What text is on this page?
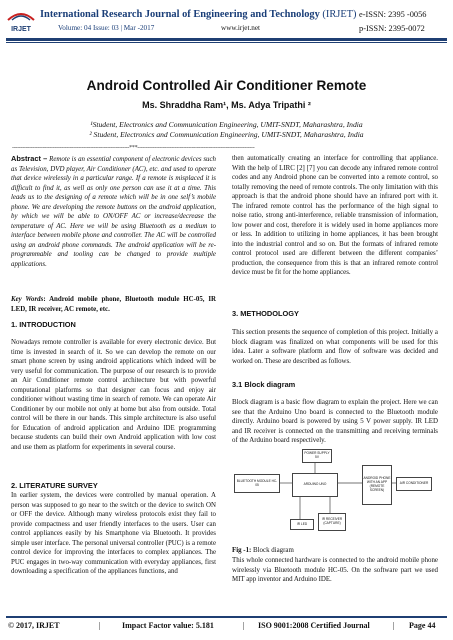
IRJET
International Research Journal of Engineering and Technology (IRJET) e-ISSN: 2395 -0056
Volume: 04 Issue: 03 | Mar -2017	www.irjet.net	p-ISSN: 2395-0072
Android Controlled Air Conditioner Remote
Ms. Shraddha Ram¹, Ms. Adya Tripathi ²
¹Student, Electronics and Communication Engineering, UMIT-SNDT, Maharashtra, India
² Student, Electronics and Communication Engineering, UMIT-SNDT, Maharashtra, India
---------------------------------------------------------------------***---------------------------------------------------------------------
Abstract – Remote is an essential component of electronic devices such as Television, DVD player, Air Conditioner (AC), etc. and used to operate that device wirelessly in a particular range. If a remote is misplaced it is difficult to find it, as well as only one person can use it at a time. This leads us to the designing of a remote which will be in one self’s mobile phone. We are developing the remote buttons on the android application, by which we will be able to ON/OFF AC or increase/decrease the temperature of AC. Here we will be using Bluetooth as a medium to interface between mobile phone and controller. The AC will be controlled using an android phone commands. The android application will be re-programmable and tooling can be changed to provide multiple applications.
Key Words: Android mobile phone, Bluetooth module HC-05, IR LED, IR receiver, AC remote, etc.
1. INTRODUCTION
Nowadays remote controller is available for every electronic device. But time is invested in search of it. So we can develop the remote on our smart phone screen by using android applications which indeed will be very useful for communication. The purpose of our research is to provide an Air Conditioner remote control architecture but with powerful computational platforms so that designer can focus and enjoy air conditioner without wasting time in search of remote. We can operate Air Conditioner by our mobile not only at home but also from outside. Total control will be there in our hands. This simple architecture is also useful for Education of android application and Arduino IDE programming because students can build their own Android application with low cost and use them as platform for experiments in several course.
2. LITERATURE SURVEY
In earlier system, the devices were controlled by manual operation. A person was supposed to go near to the switch or the device to switch ON or OFF the device. Although many wireless protocols exist they fail to provide compactness and user friendly interfaces to the users. User can control appliances easily by his Smartphone via Bluetooth. It provides simple user interface. The personal universal controller (PUC) is a remote control device for improving the interfaces to complex appliances. The PUC engages in two-way communication with everyday appliances, first downloading a specification of the appliances functions, and
then automatically creating an interface for controlling that appliance. With the help of LIRC [2] [7] you can decode any infrared remote control codes and any Android phone can be converted into a remote control, so totally removing the need of remote controls. The only limitation with this approach is that the android phone should have an infrared port with it. The infrared remote control has the performance of the high signal to noise ratio, strong anti-interference, reliable transmission of information, low power and cost, therefore it is widely used in home appliances more or less. In addition to utilizing in home appliances, it has been brought into the industrial control and so on. But the formats of infrared remote control protocol used are different between the different companies’ production, the consequence from this is that an infrared remote control device must be fit for the home appliances.
3. METHODOLOGY
This section presents the sequence of completion of this project. Initially a block diagram was finalized on what components will be used for this idea. Later a software platform and flow of software was decided and worked on. These are described as follows.
3.1 Block diagram
Block diagram is a basic flow diagram to explain the project. Here we can see that the Arduino Uno board is connected to the Bluetooth module directly. Arduino board is powered by using 5 V power supply. IR LED and IR receiver is connected on the transmitting and receiving terminals of the Arduino board respectively.
POWER SUPPLY 5V
BLUETOOTH MODULE HC-05	ARDUINO UNO
ANDROID PHONE WITH AN APP (REMOTE SCREEN)
AIR CONDITIONER
IR LED
IR RECEIVER (CAPTURE)
Fig -1: Block diagram
This whole connected hardware is connected to the android mobile phone wirelessly via Bluetooth module HC-05. On the software part we used MIT app inventor and Arduino IDE.
© 2017, IRJET	|	Impact Factor value: 5.181	| ISO 9001:2008 Certified Journal	| Page 44
